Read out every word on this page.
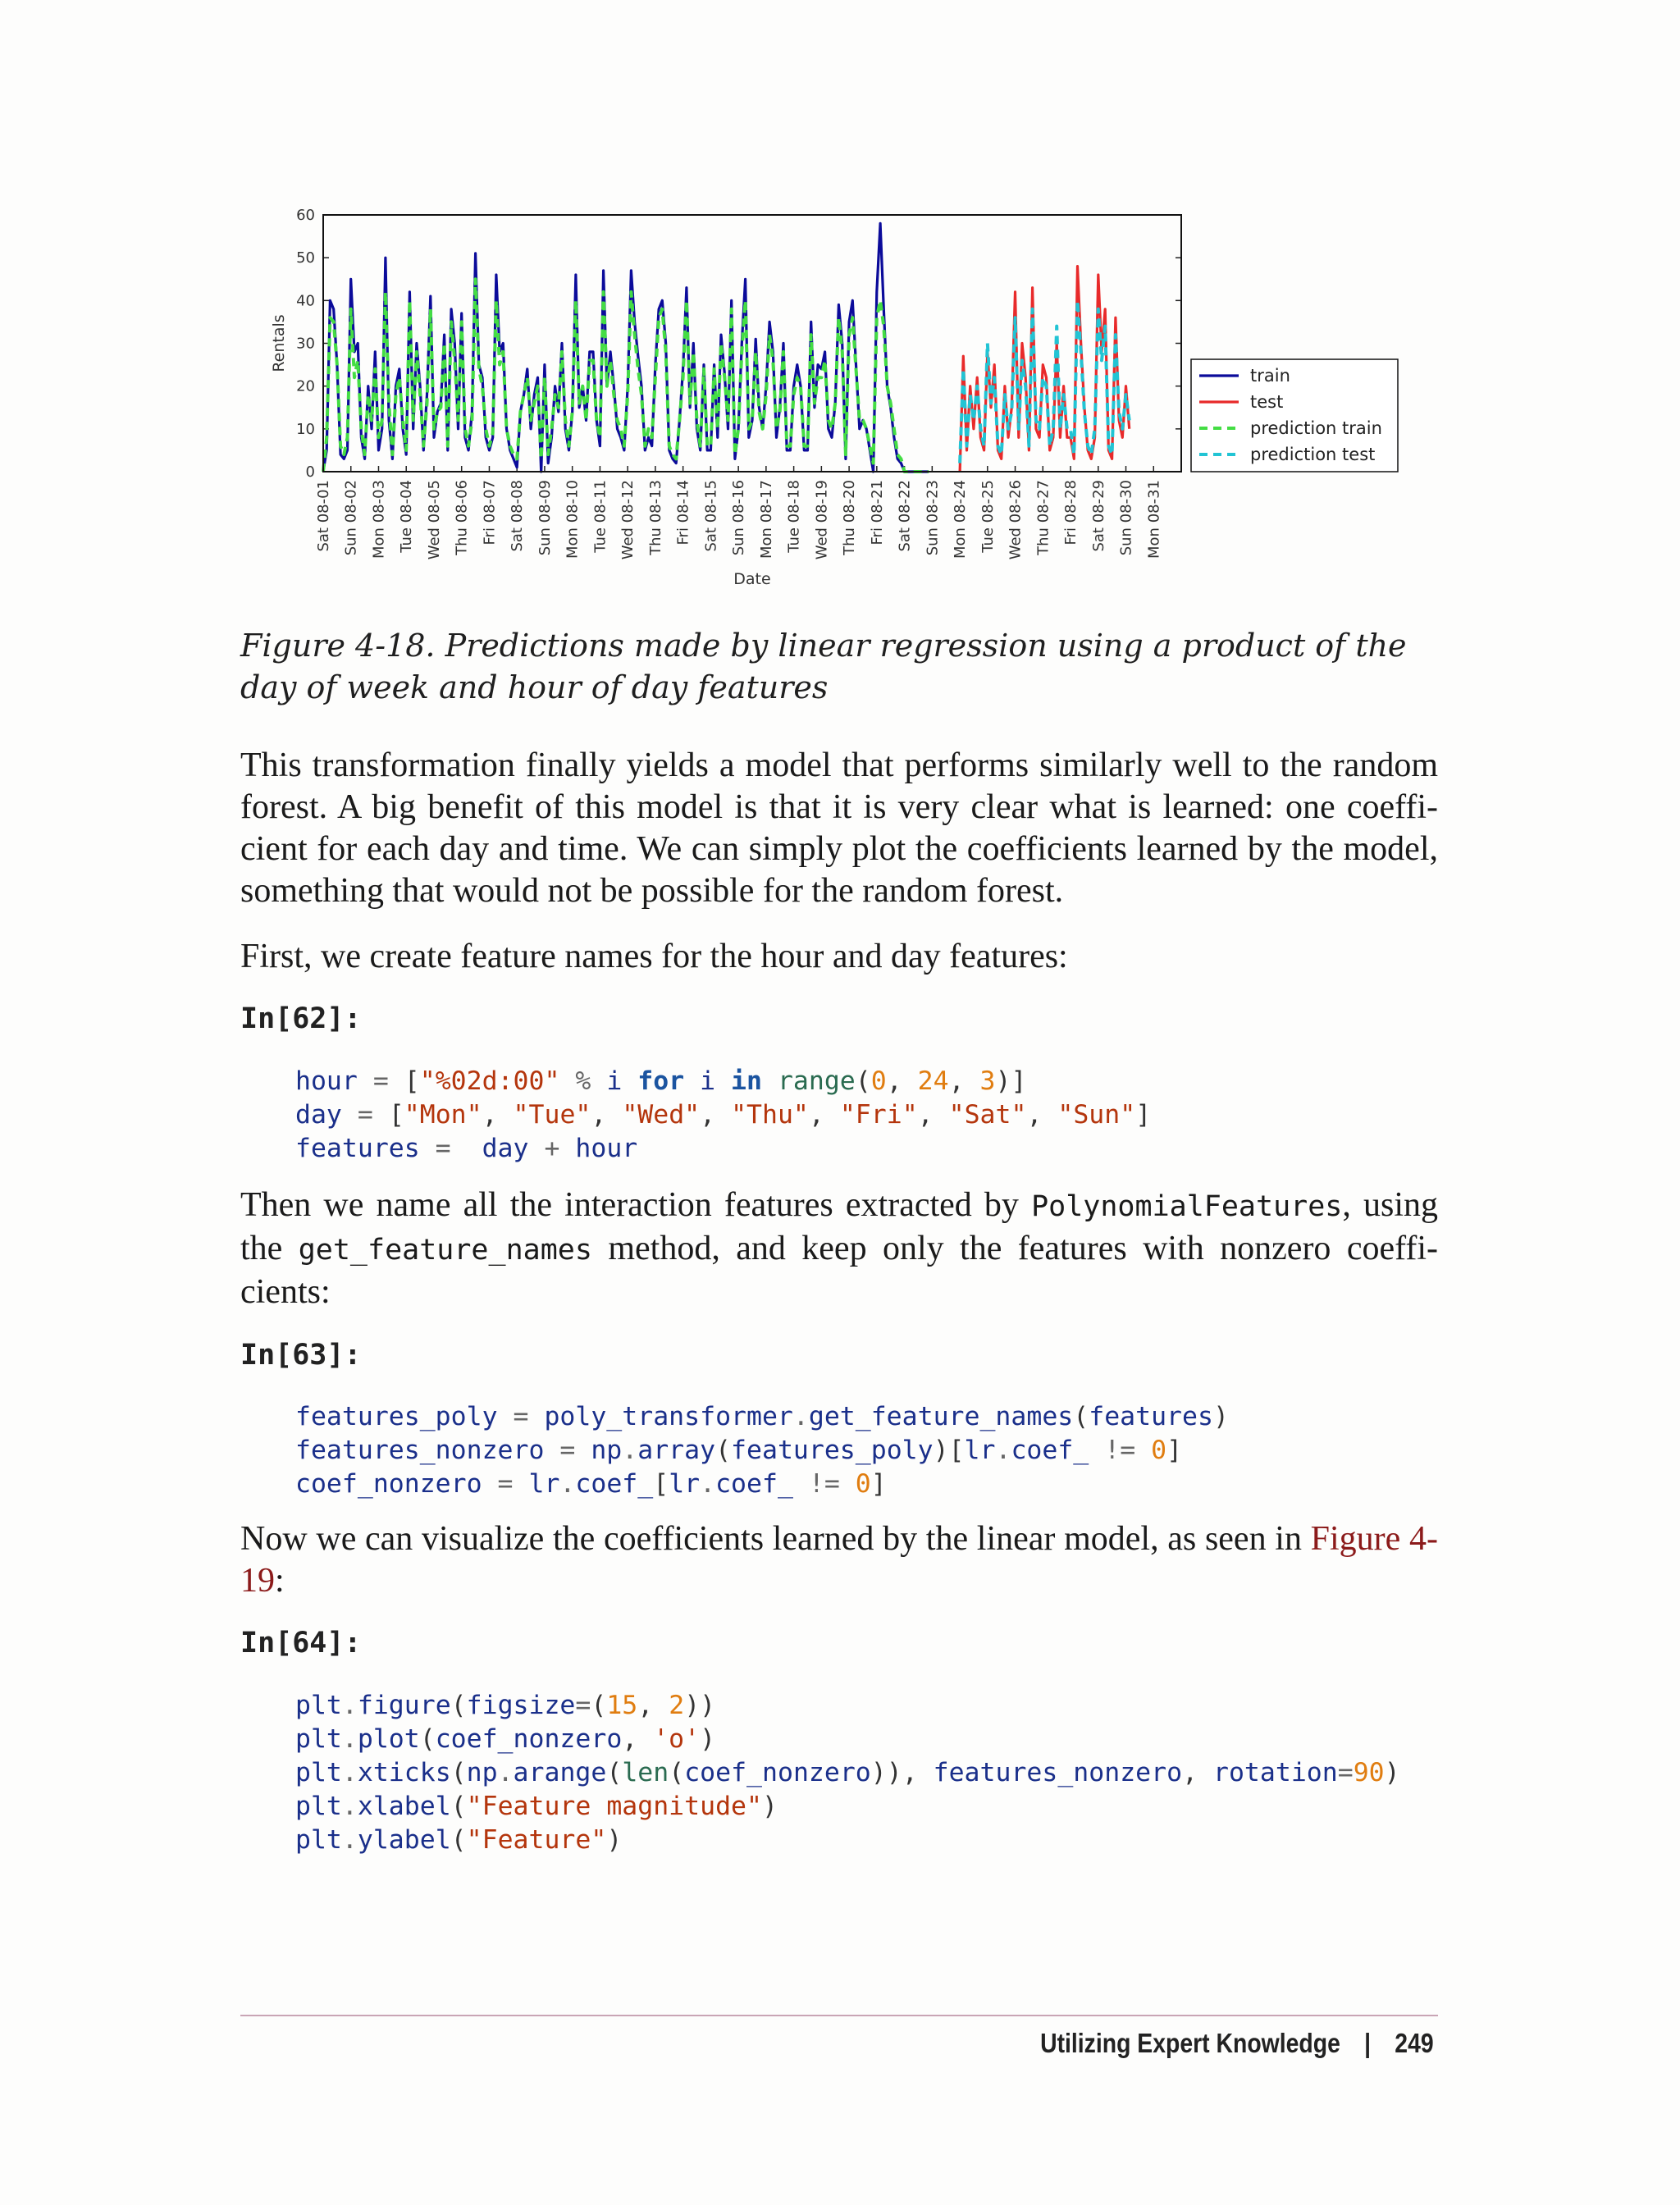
0
10
20
30
40
50
60
Sat 08-01 Sun 08-02 Mon 08-03 Tue 08-04 Wed 08-05 Thu 08-06 Fri 08-07 Sat 08-08 Sun 08-09 Mon 08-10 Tue 08-11 Wed 08-12 Thu 08-13 Fri 08-14 Sat 08-15 Sun 08-16 Mon 08-17 Tue 08-18 Wed 08-19 Thu 08-20 Fri 08-21 Sat 08-22 Sun 08-23 Mon 08-24 Tue 08-25 Wed 08-26 Thu 08-27 Fri 08-28 Sat 08-29 Sun 08-30 Mon 08-31
Rentals
Date
train
test
prediction train
prediction test
Figure 4-18. Predictions made by linear regression using a product of the day of week and hour of day features
This transformation finally yields a model that performs similarly well to the random forest. A big benefit of this model is that it is very clear what is learned: one coefficient for each day and time. We can simply plot the coefficients learned by the model, something that would not be possible for the random forest.
First, we create feature names for the hour and day features:
In[62]:
hour = ["%02d:00" % i for i in range(0, 24, 3)]
day = ["Mon", "Tue", "Wed", "Thu", "Fri", "Sat", "Sun"]
features =  day + hour
Then we name all the interaction features extracted by PolynomialFeatures, using the get_feature_names method, and keep only the features with nonzero coefficients:
In[63]:
features_poly = poly_transformer.get_feature_names(features)
features_nonzero = np.array(features_poly)[lr.coef_ != 0]
coef_nonzero = lr.coef_[lr.coef_ != 0]
Now we can visualize the coefficients learned by the linear model, as seen in Figure 4-19:
In[64]:
plt.figure(figsize=(15, 2))
plt.plot(coef_nonzero, 'o')
plt.xticks(np.arange(len(coef_nonzero)), features_nonzero, rotation=90)
plt.xlabel("Feature magnitude")
plt.ylabel("Feature")
Utilizing Expert Knowledge | 249
